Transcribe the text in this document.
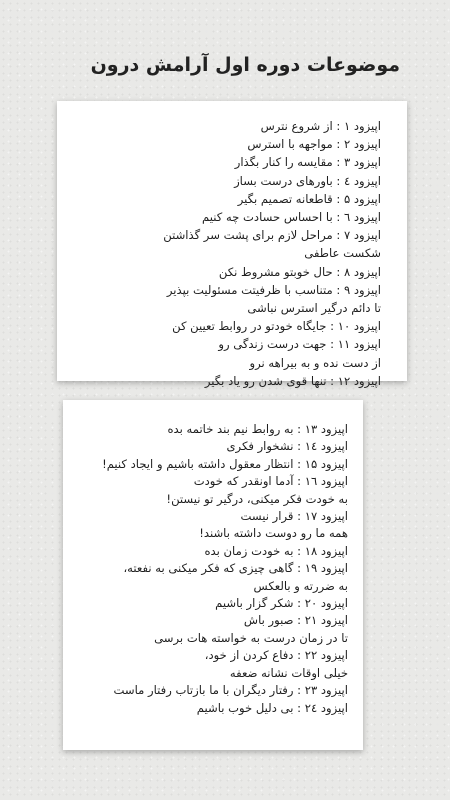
موضوعات دوره اول آرامش درون
اپیزود ۱ : از شروع نترس
اپیزود ۲ : مواجهه با استرس
اپیزود ۳ : مقایسه را کنار بگذار
اپیزود ٤ : باورهای درست بساز
اپیزود ۵ : قاطعانه تصمیم بگیر
اپیزود ٦ : با احساس حسادت چه کنیم
اپیزود ۷ : مراحل لازم برای پشت سر گذاشتن
شکست عاطفی
اپیزود ۸ : حال خوبتو مشروط نکن
اپیزود ۹ : متناسب با ظرفیتت مسئولیت بپذیر
تا دائم درگیر استرس نباشی
اپیزود ۱۰ : جایگاه خودتو در روابط تعیین کن
اپیزود ۱۱ : جهت درست زندگی رو
از دست نده و به بیراهه نرو
اپیزود ۱۲ : تنها قوی شدن رو یاد بگیر
اپیزود ۱۳ : به روابط نیم بند خاتمه بده
اپیزود ١٤ : نشخوار فکری
اپیزود ۱۵ : انتظار معقول داشته باشیم و ایجاد کنیم!
اپیزود ۱٦ : آدما اونقدر که خودت
به خودت فکر میکنی، درگیر تو نیستن!
اپیزود ۱۷ : قرار نیست
همه ما رو دوست داشته باشند!
اپیزود ۱۸ : به خودت زمان بده
اپیزود ۱۹ : گاهی چیزی که فکر میکنی به نفعته،
به ضررته و بالعکس
اپیزود ۲۰ : شکر گزار باشیم
اپیزود ۲۱ : صبور باش
تا در زمان درست به خواسته هات برسی
اپیزود ۲۲ : دفاع کردن از خود،
خیلی اوقات نشانه ضعفه
اپیزود ۲۳ : رفتار دیگران با ما بازتاب رفتار ماست
اپیزود ۲٤ : بی دلیل خوب باشیم
